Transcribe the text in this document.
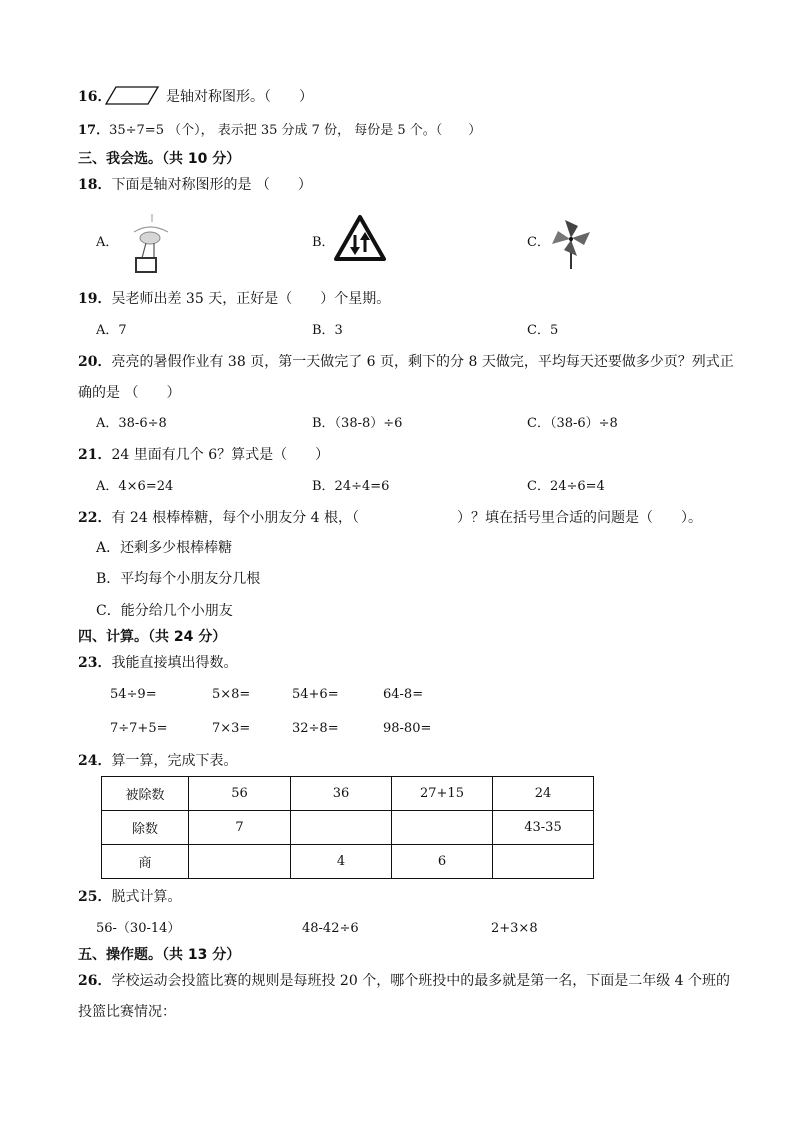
16．	是轴对称图形。（　　）
17．35÷7=5 （个）， 表示把 35 分成 7 份， 每份是 5 个。（　　）
三、我会选。（共 10 分）
18．下面是轴对称图形的是 （　　）
A．	B．	C．
19．吴老师出差 35 天，正好是（　　）个星期。
A．7	B．3	C．5
20．亮亮的暑假作业有 38 页，第一天做完了 6 页，剩下的分 8 天做完，平均每天还要做多少页？列式正
确的是 （　　）
A．38-6÷8	B．（38-8）÷6	C．（38-6）÷8
21．24 里面有几个 6？算式是（　　）
A．4×6=24	B．24÷4=6	C．24÷6=4
22．有 24 根棒棒糖，每个小朋友分 4 根，（　　　　　　　）？填在括号里合适的问题是（　　）。
A．还剩多少根棒棒糖
B．平均每个小朋友分几根
C．能分给几个小朋友
四、计算。（共 24 分）
23．我能直接填出得数。
54÷9=	5×8=	54+6=	64-8=
7÷7+5=	7×3=	32÷8=	98-80=
24．算一算，完成下表。
被除数	56	36	27+15	24
除数	7			43-35
商		4	6	
25．脱式计算。
56-（30-14）	48-42÷6	2+3×8
五、操作题。（共 13 分）
26．学校运动会投篮比赛的规则是每班投 20 个，哪个班投中的最多就是第一名，下面是二年级 4 个班的
投篮比赛情况：
